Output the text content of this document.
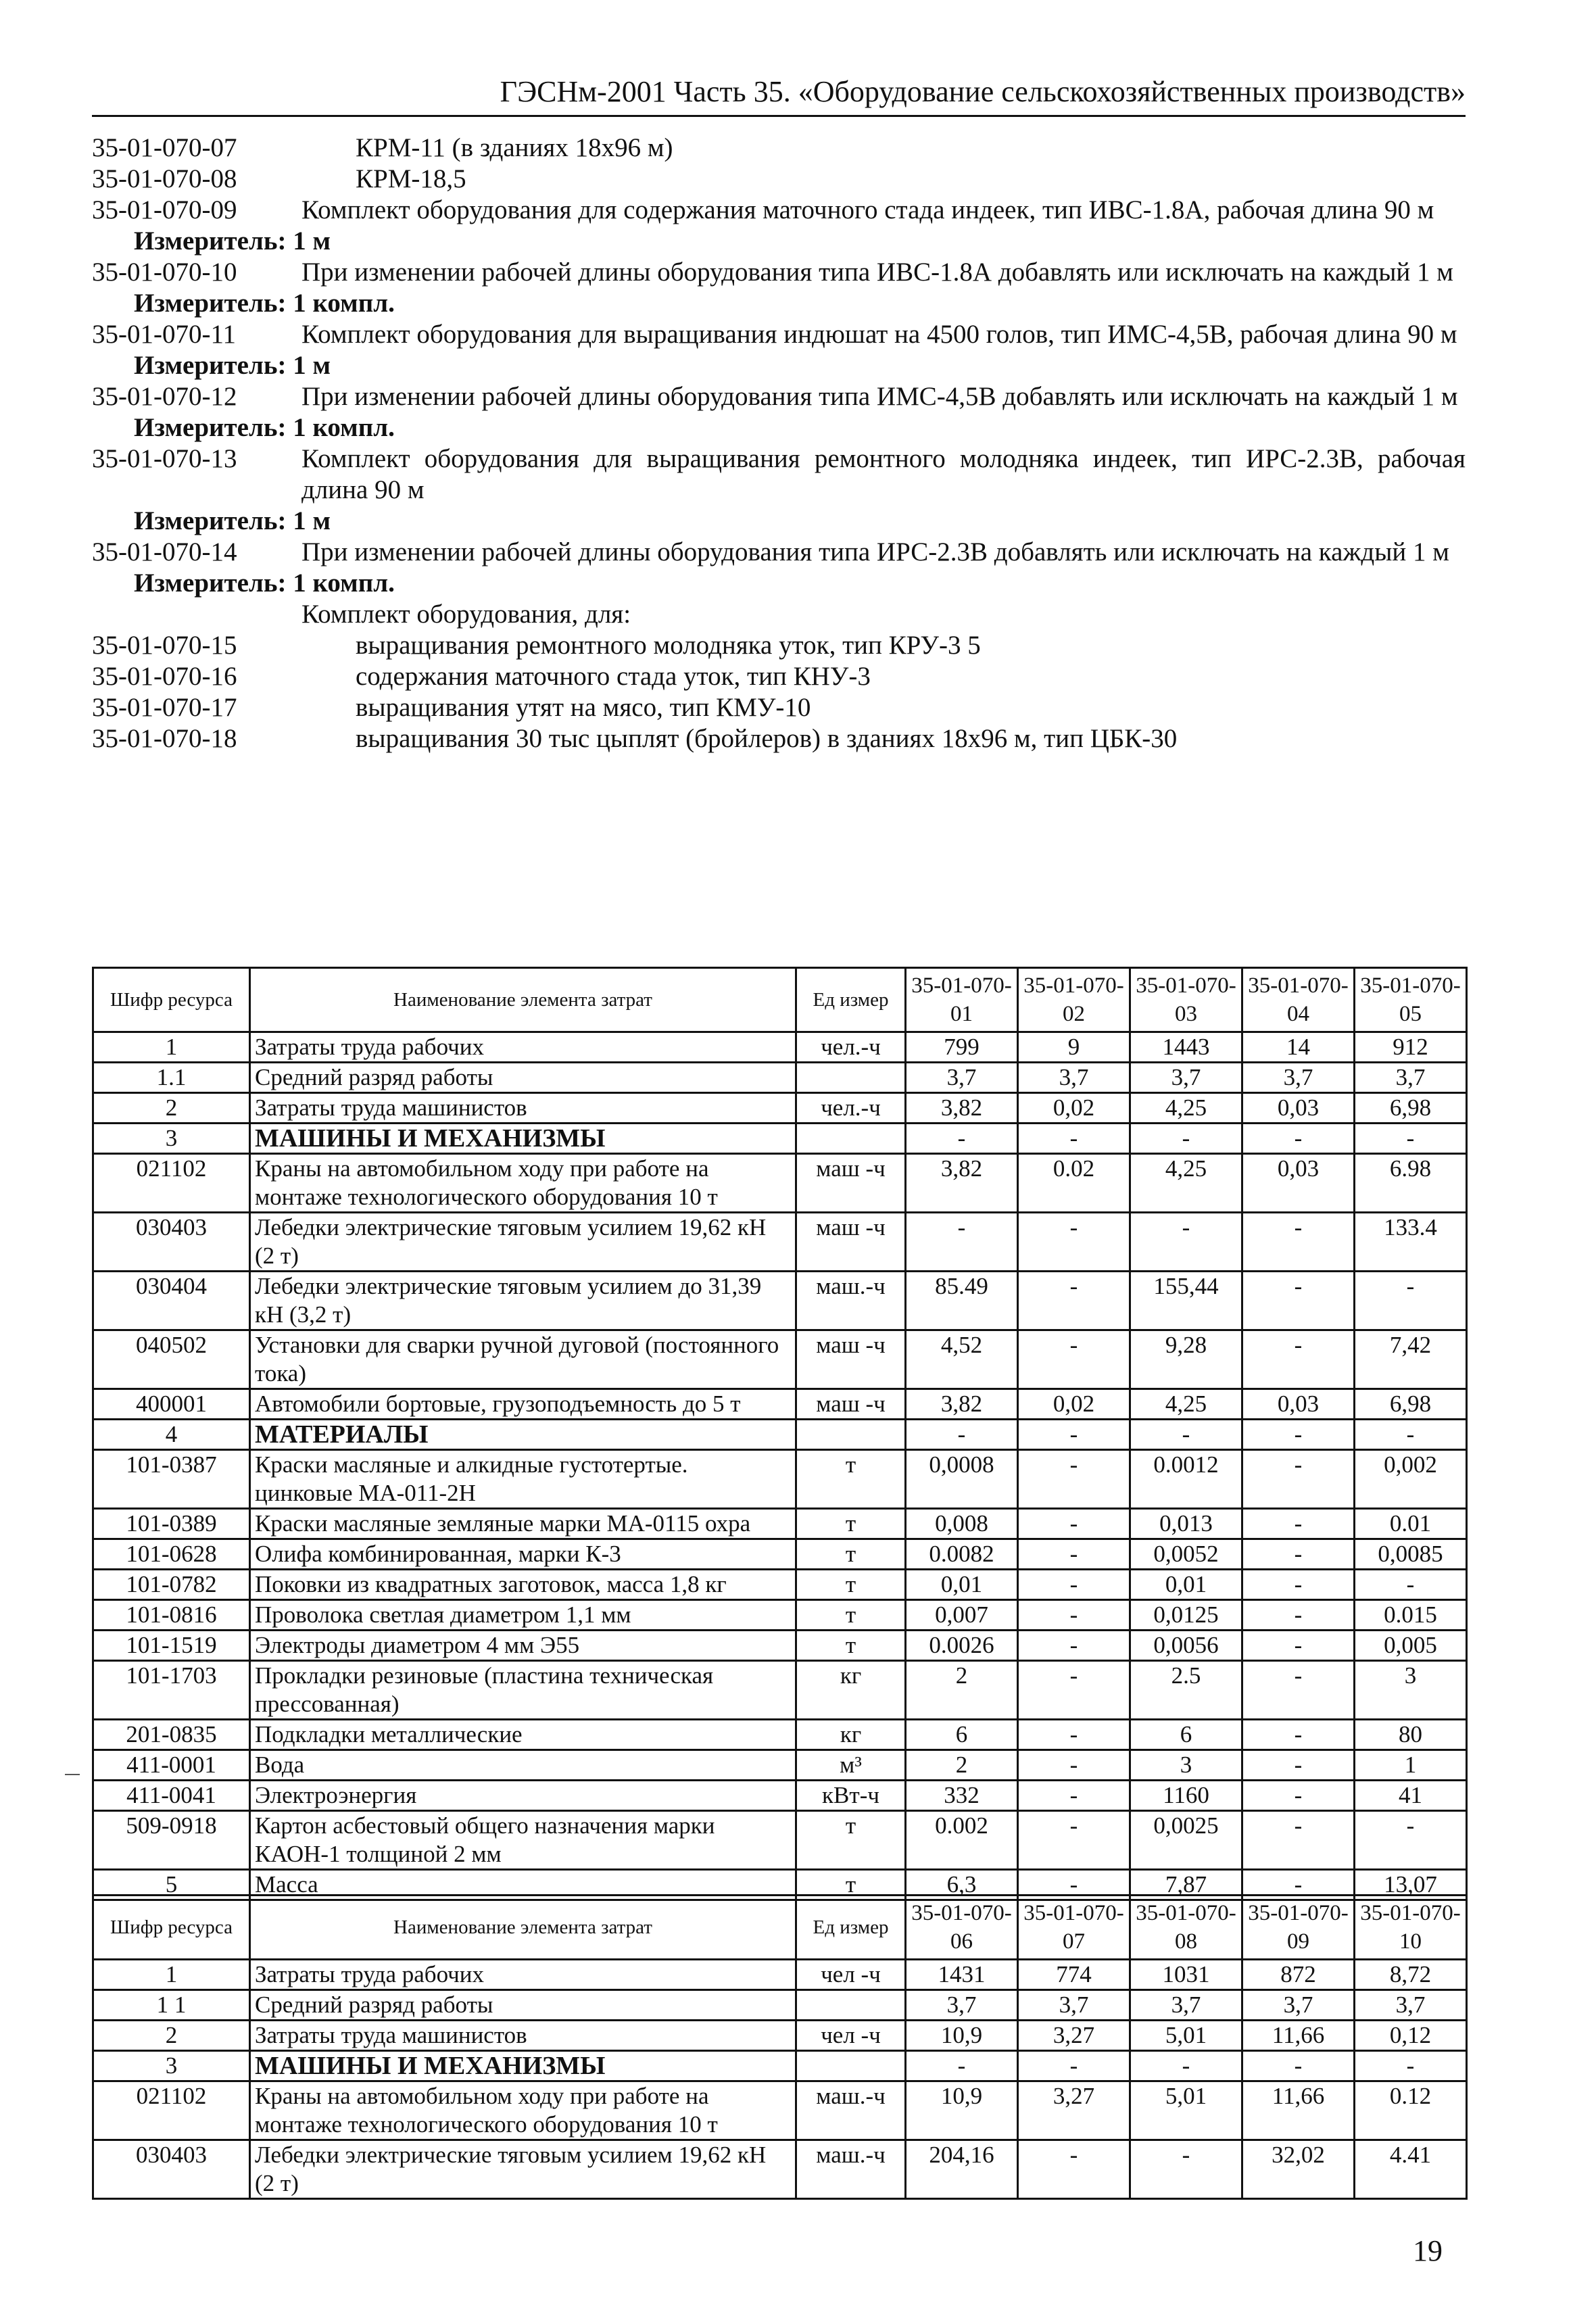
ГЭСНм-2001 Часть 35. «Оборудование сельскохозяйственных производств»
35-01-070-07	КРМ-11 (в зданиях 18х96 м)
35-01-070-08	КРМ-18,5
35-01-070-09 Комплект оборудования для содержания маточного стада индеек, тип ИВС-1.8А, рабочая длина 90 м
Измеритель: 1 м
35-01-070-10 При изменении рабочей длины оборудования типа ИВС-1.8А добавлять или исключать на каждый 1 м
Измеритель: 1 компл.
35-01-070-11 Комплект оборудования для выращивания индюшат на 4500 голов, тип ИМС-4,5В, рабочая длина 90 м
Измеритель: 1 м
35-01-070-12 При изменении рабочей длины оборудования типа ИМС-4,5В добавлять или исключать на каждый 1 м
Измеритель: 1 компл.
35-01-070-13 Комплект оборудования для выращивания ремонтного молодняка индеек, тип ИРС-2.3В, рабочая длина 90 м
Измеритель: 1 м
35-01-070-14 При изменении рабочей длины оборудования типа ИРС-2.3В добавлять или исключать на каждый 1 м
Измеритель: 1 компл.
Комплект оборудования, для:
35-01-070-15	выращивания ремонтного молодняка уток, тип КРУ-3 5
35-01-070-16	содержания маточного стада уток, тип КНУ-3
35-01-070-17	выращивания утят на мясо, тип КМУ-10
35-01-070-18	выращивания 30 тыс цыплят (бройлеров) в зданиях 18х96 м, тип ЦБК-30
Шифр ресурса	Наименование элемента затрат	Ед измер	35-01-070-01	35-01-070-02	35-01-070-03	35-01-070-04	35-01-070-05
1	Затраты труда рабочих	чел.-ч	799	9	1443	14	912
1.1	Средний разряд работы		3,7	3,7	3,7	3,7	3,7
2	Затраты труда машинистов	чел.-ч	3,82	0,02	4,25	0,03	6,98
3	МАШИНЫ И МЕХАНИЗМЫ		-	-	-	-	-
021102	Краны на автомобильном ходу при работе на монтаже технологического оборудования 10 т	маш -ч	3,82	0.02	4,25	0,03	6.98
030403	Лебедки электрические тяговым усилием 19,62 кН (2 т)	маш -ч	-	-	-	-	133.4
030404	Лебедки электрические тяговым усилием до 31,39 кН (3,2 т)	маш.-ч	85.49	-	155,44	-	-
040502	Установки для сварки ручной дуговой (постоянного тока)	маш -ч	4,52	-	9,28	-	7,42
400001	Автомобили бортовые, грузоподъемность до 5 т	маш -ч	3,82	0,02	4,25	0,03	6,98
4	МАТЕРИАЛЫ		-	-	-	-	-
101-0387	Краски масляные и алкидные густотертые. цинковые МА-011-2Н	т	0,0008	-	0.0012	-	0,002
101-0389	Краски масляные земляные марки МА-0115 охра	т	0,008	-	0,013	-	0.01
101-0628	Олифа комбинированная, марки К-3	т	0.0082	-	0,0052	-	0,0085
101-0782	Поковки из квадратных заготовок, масса 1,8 кг	т	0,01	-	0,01	-	-
101-0816	Проволока светлая диаметром 1,1 мм	т	0,007	-	0,0125	-	0.015
101-1519	Электроды диаметром 4 мм Э55	т	0.0026	-	0,0056	-	0,005
101-1703	Прокладки резиновые (пластина техническая прессованная)	кг	2	-	2.5	-	3
201-0835	Подкладки металлические	кг	6	-	6	-	80
411-0001	Вода	м³	2	-	3	-	1
411-0041	Электроэнергия	кВт-ч	332	-	1160	-	41
509-0918	Картон асбестовый общего назначения марки КАОН-1 толщиной 2 мм	т	0.002	-	0,0025	-	-
5	Масса	т	6,3	-	7,87	-	13,07
Шифр ресурса	Наименование элемента затрат	Ед измер	35-01-070-06	35-01-070-07	35-01-070-08	35-01-070-09	35-01-070-10
1	Затраты труда рабочих	чел -ч	1431	774	1031	872	8,72
1 1	Средний разряд работы		3,7	3,7	3,7	3,7	3,7
2	Затраты труда машинистов	чел -ч	10,9	3,27	5,01	11,66	0,12
3	МАШИНЫ И МЕХАНИЗМЫ		-	-	-	-	-
021102	Краны на автомобильном ходу при работе на монтаже технологического оборудования 10 т	маш.-ч	10,9	3,27	5,01	11,66	0.12
030403	Лебедки электрические тяговым усилием 19,62 кН (2 т)	маш.-ч	204,16	-	-	32,02	4.41
19
